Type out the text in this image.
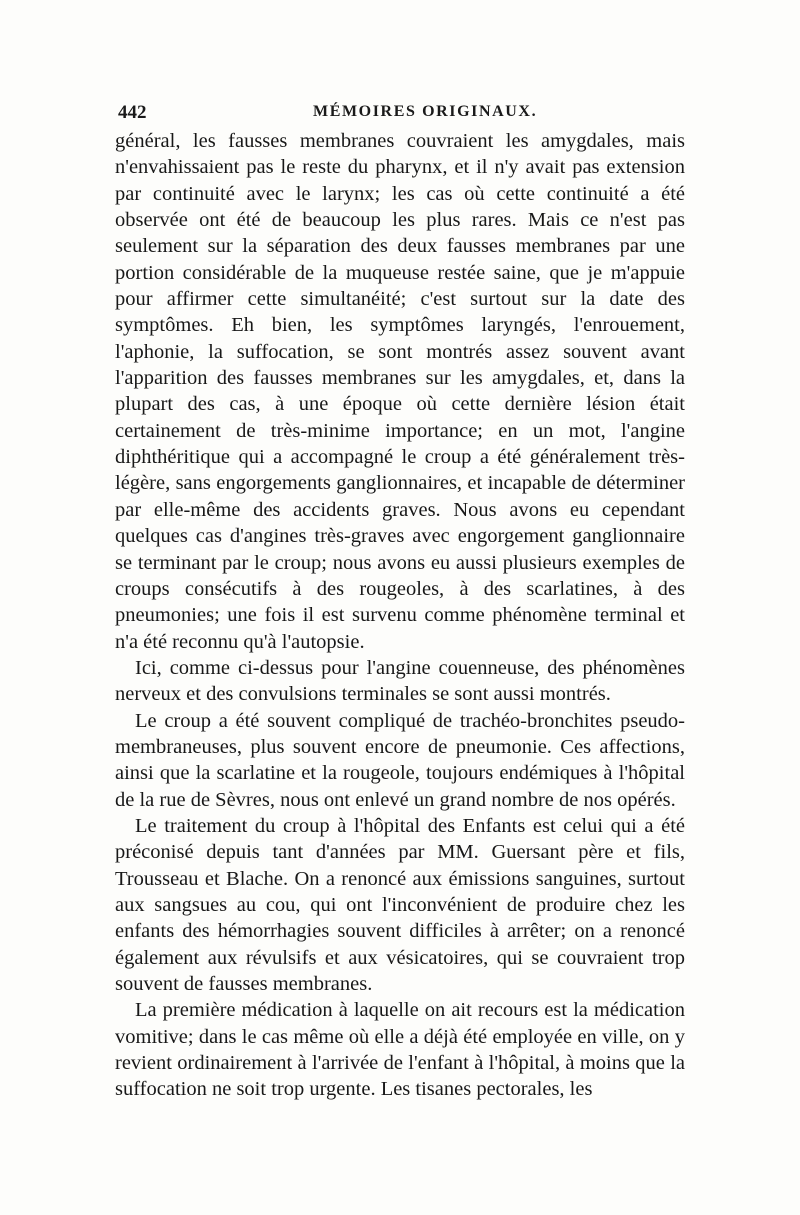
442	MÉMOIRES ORIGINAUX.

général, les fausses membranes couvraient les amygdales, mais n'envahissaient pas le reste du pharynx, et il n'y avait pas extension par continuité avec le larynx; les cas où cette continuité a été observée ont été de beaucoup les plus rares. Mais ce n'est pas seulement sur la séparation des deux fausses membranes par une portion considérable de la muqueuse restée saine, que je m'appuie pour affirmer cette simultanéité; c'est surtout sur la date des symptômes. Eh bien, les symptômes laryngés, l'enrouement, l'aphonie, la suffocation, se sont montrés assez souvent avant l'apparition des fausses membranes sur les amygdales, et, dans la plupart des cas, à une époque où cette dernière lésion était certainement de très-minime importance; en un mot, l'angine diphthéritique qui a accompagné le croup a été généralement très-légère, sans engorgements ganglionnaires, et incapable de déterminer par elle-même des accidents graves. Nous avons eu cependant quelques cas d'angines très-graves avec engorgement ganglionnaire se terminant par le croup; nous avons eu aussi plusieurs exemples de croups consécutifs à des rougeoles, à des scarlatines, à des pneumonies; une fois il est survenu comme phénomène terminal et n'a été reconnu qu'à l'autopsie.

Ici, comme ci-dessus pour l'angine couenneuse, des phénomènes nerveux et des convulsions terminales se sont aussi montrés.

Le croup a été souvent compliqué de trachéo-bronchites pseudo-membraneuses, plus souvent encore de pneumonie. Ces affections, ainsi que la scarlatine et la rougeole, toujours endémiques à l'hôpital de la rue de Sèvres, nous ont enlevé un grand nombre de nos opérés.

Le traitement du croup à l'hôpital des Enfants est celui qui a été préconisé depuis tant d'années par MM. Guersant père et fils, Trousseau et Blache. On a renoncé aux émissions sanguines, surtout aux sangsues au cou, qui ont l'inconvénient de produire chez les enfants des hémorrhagies souvent difficiles à arrêter; on a renoncé également aux révulsifs et aux vésicatoires, qui se couvraient trop souvent de fausses membranes.

La première médication à laquelle on ait recours est la médication vomitive; dans le cas même où elle a déjà été employée en ville, on y revient ordinairement à l'arrivée de l'enfant à l'hôpital, à moins que la suffocation ne soit trop urgente. Les tisanes pectorales, les
